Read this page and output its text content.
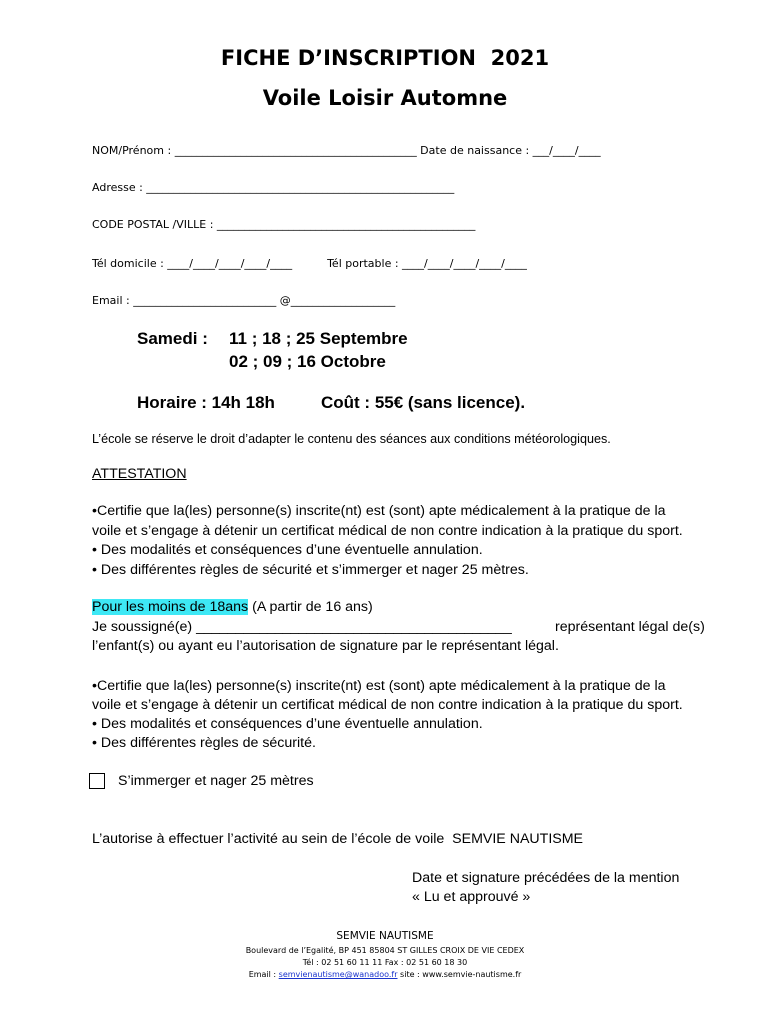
FICHE D’INSCRIPTION  2021
Voile Loisir Automne
NOM/Prénom : ____________________________________________ Date de naissance : ___/____/____
Adresse : ________________________________________________________
CODE POSTAL /VILLE : _______________________________________________
Tél domicile : ____/____/____/____/____          Tél portable : ____/____/____/____/____
Email : __________________________ @___________________
Samedi : 11 ; 18 ; 25 Septembre
02 ; 09 ; 16 Octobre
Horaire : 14h 18h	Coût : 55€ (sans licence).
L’école se réserve le droit d’adapter le contenu des séances aux conditions météorologiques.
ATTESTATION
•Certifie que la(les) personne(s) inscrite(nt) est (sont) apte médicalement à la pratique de la
voile et s’engage à détenir un certificat médical de non contre indication à la pratique du sport.
• Des modalités et conséquences d’une éventuelle annulation.
• Des différentes règles de sécurité et s’immerger et nager 25 mètres.
Pour les moins de 18ans (A partir de 16 ans)
Je soussigné(e) ________________________________________	représentant légal de(s)
l’enfant(s) ou ayant eu l’autorisation de signature par le représentant légal.
•Certifie que la(les) personne(s) inscrite(nt) est (sont) apte médicalement à la pratique de la
voile et s’engage à détenir un certificat médical de non contre indication à la pratique du sport.
• Des modalités et conséquences d’une éventuelle annulation.
• Des différentes règles de sécurité.
S’immerger et nager 25 mètres
L’autorise à effectuer l’activité au sein de l’école de voile  SEMVIE NAUTISME
Date et signature précédées de la mention
« Lu et approuvé »
SEMVIE NAUTISME
Boulevard de l’Egalité, BP 451 85804 ST GILLES CROIX DE VIE CEDEX
Tél : 02 51 60 11 11 Fax : 02 51 60 18 30
Email : semvienautisme@wanadoo.fr site : www.semvie-nautisme.fr
